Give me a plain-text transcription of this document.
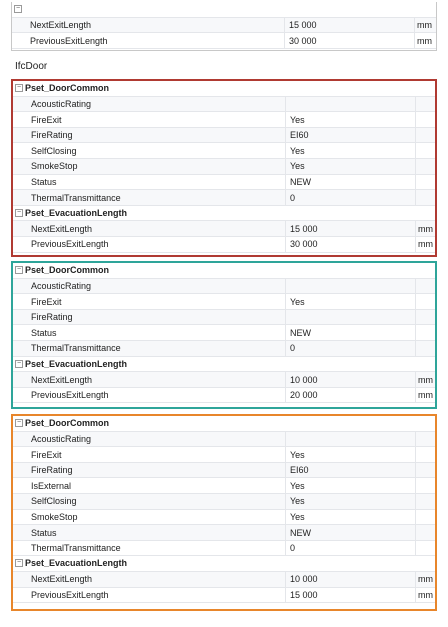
−
NextExitLength	15 000	mm
PreviousExitLength	30 000	mm
IfcDoor
− Pset_DoorCommon
AcousticRating
FireExit	Yes
FireRating	EI60
SelfClosing	Yes
SmokeStop	Yes
Status	NEW
ThermalTransmittance	0
− Pset_EvacuationLength
NextExitLength	15 000	mm
PreviousExitLength	30 000	mm
− Pset_DoorCommon
AcousticRating
FireExit	Yes
FireRating
Status	NEW
ThermalTransmittance	0
− Pset_EvacuationLength
NextExitLength	10 000	mm
PreviousExitLength	20 000	mm
− Pset_DoorCommon
AcousticRating
FireExit	Yes
FireRating	EI60
IsExternal	Yes
SelfClosing	Yes
SmokeStop	Yes
Status	NEW
ThermalTransmittance	0
− Pset_EvacuationLength
NextExitLength	10 000	mm
PreviousExitLength	15 000	mm
